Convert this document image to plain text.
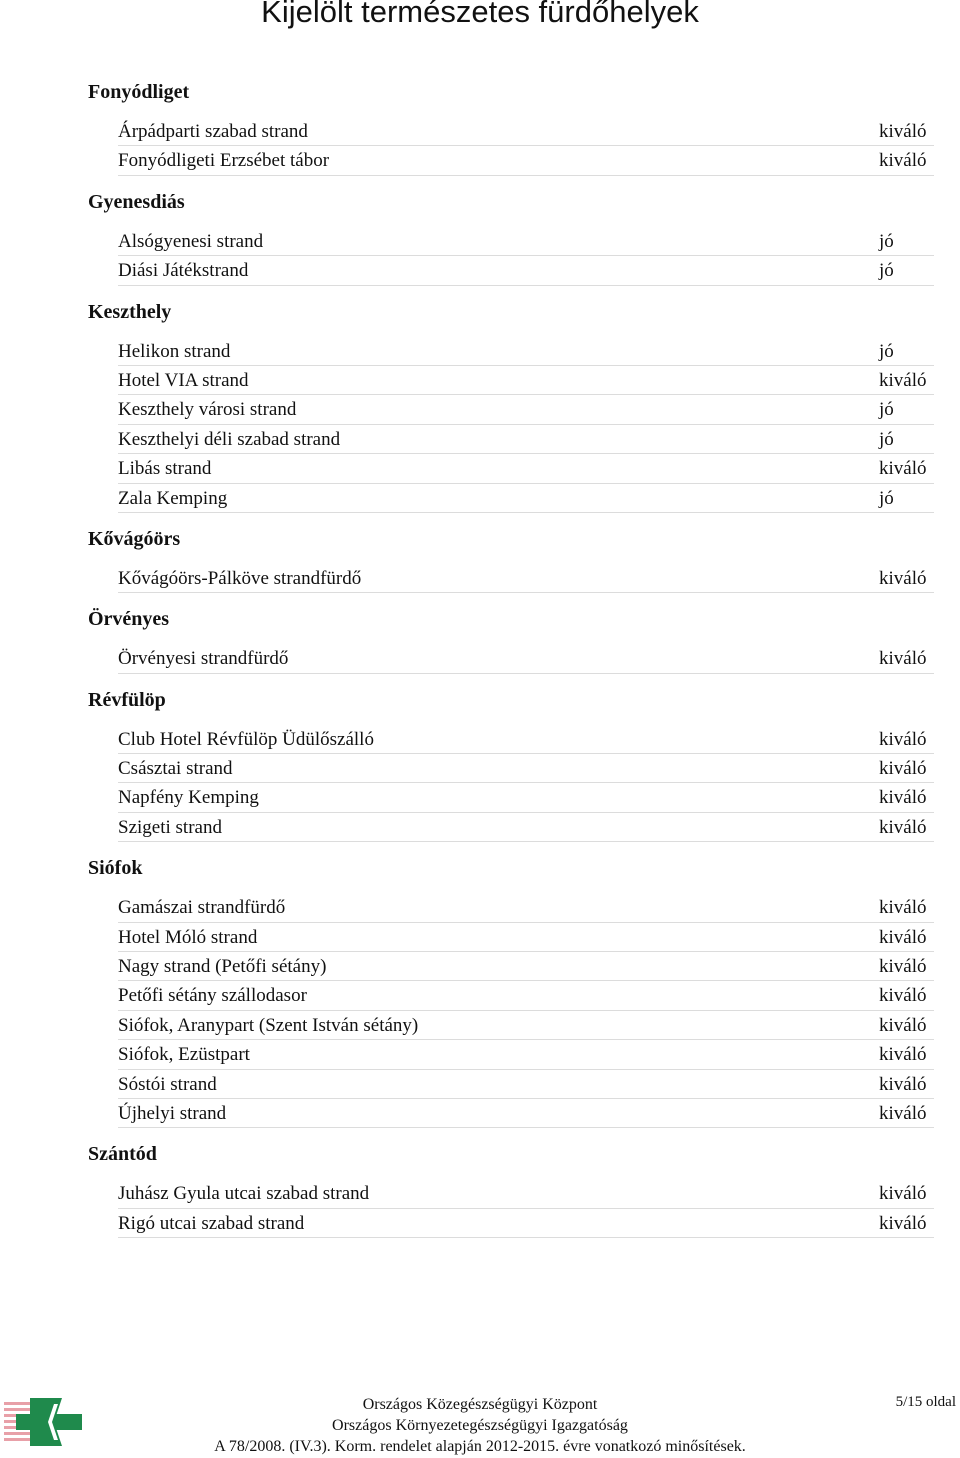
Kijelölt természetes fürdőhelyek
Fonyódliget
Árpádparti szabad strand	kiváló
Fonyódligeti Erzsébet tábor	kiváló
Gyenesdiás
Alsógyenesi strand	jó
Diási Játékstrand	jó
Keszthely
Helikon strand	jó
Hotel VIA strand	kiváló
Keszthely városi strand	jó
Keszthelyi déli szabad strand	jó
Libás strand	kiváló
Zala Kemping	jó
Kővágóörs
Kővágóörs-Pálköve strandfürdő	kiváló
Örvényes
Örvényesi strandfürdő	kiváló
Révfülöp
Club Hotel Révfülöp Üdülőszálló	kiváló
Császtai strand	kiváló
Napfény Kemping	kiváló
Szigeti strand	kiváló
Siófok
Gamászai strandfürdő	kiváló
Hotel Móló strand	kiváló
Nagy strand (Petőfi sétány)	kiváló
Petőfi sétány szállodasor	kiváló
Siófok, Aranypart (Szent István sétány)	kiváló
Siófok, Ezüstpart	kiváló
Sóstói strand	kiváló
Újhelyi strand	kiváló
Szántód
Juhász Gyula utcai szabad strand	kiváló
Rigó utcai szabad strand	kiváló
Országos Közegészségügyi Központ
Országos Környezetegészségügyi Igazgatóság
A 78/2008. (IV.3). Korm. rendelet alapján 2012-2015. évre vonatkozó minősítések.
5/15 oldal
